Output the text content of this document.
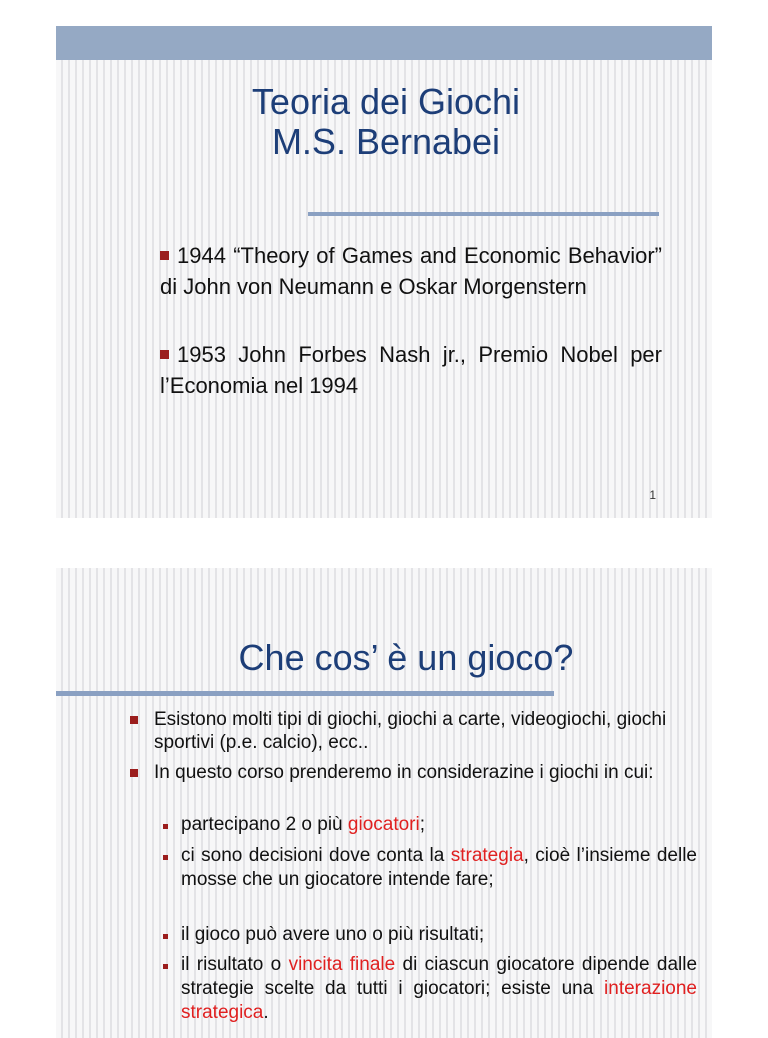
Teoria dei Giochi
M.S. Bernabei
1944 “Theory of Games and Economic Behavior” di John von Neumann e Oskar Morgenstern
1953 John Forbes Nash jr., Premio Nobel per l’Economia nel 1994
1
Che cos’ è un gioco?
Esistono molti tipi di giochi, giochi a carte, videogiochi, giochi sportivi (p.e. calcio), ecc..
In questo corso prenderemo in considerazine i giochi in cui:
partecipano 2 o più giocatori;
ci sono decisioni dove conta la strategia, cioè l’insieme delle mosse che un giocatore intende fare;
il gioco può avere uno o più risultati;
il risultato o vincita finale di ciascun giocatore dipende dalle strategie scelte da tutti i giocatori; esiste una interazione strategica.
